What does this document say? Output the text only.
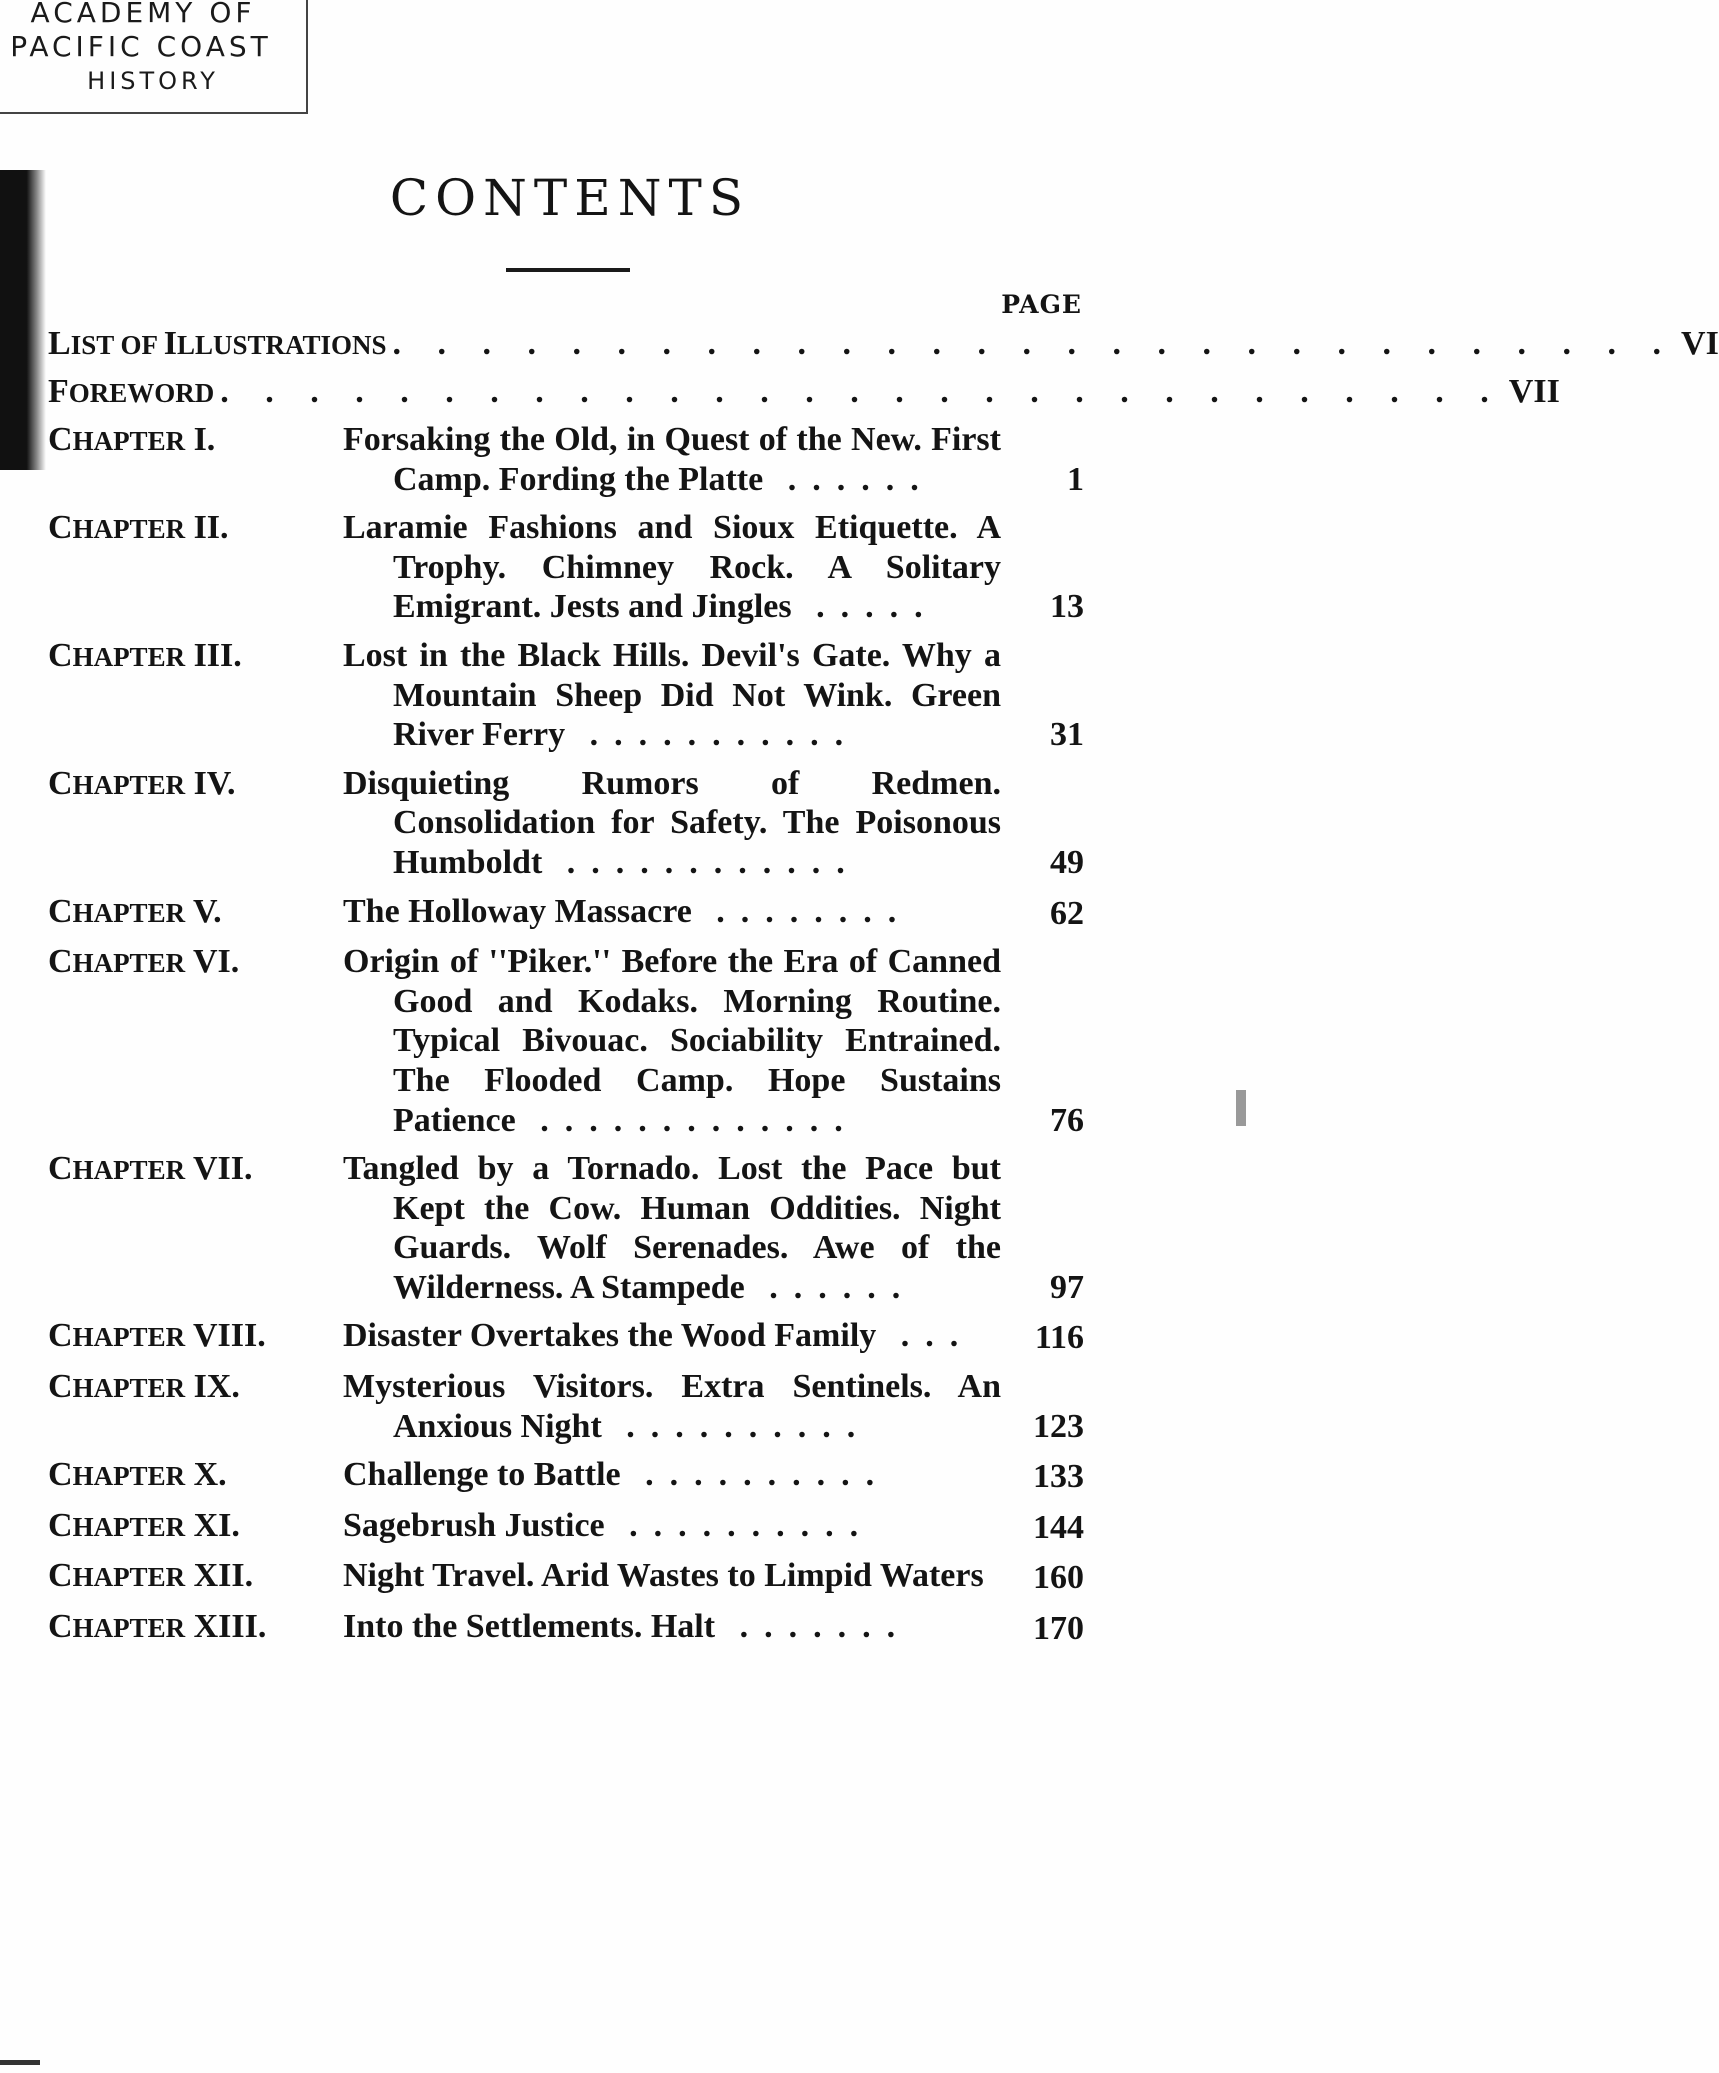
ACADEMY OF
PACIFIC COAST
HISTORY
CONTENTS
PAGE
LIST OF ILLUSTRATIONS . . . . . . . . . . . . . . . . . . . . . . . . . . . . . VI
FOREWORD . . . . . . . . . . . . . . . . . . . . . . . . . . . . . VII
CHAPTER I.	Forsaking the Old, in Quest of the New. First Camp. Fording the Platte ......	1
CHAPTER II.	Laramie Fashions and Sioux Etiquette. A Trophy. Chimney Rock. A Solitary Emigrant. Jests and Jingles .....	13
CHAPTER III.	Lost in the Black Hills. Devil's Gate. Why a Mountain Sheep Did Not Wink. Green River Ferry ...........	31
CHAPTER IV.	Disquieting Rumors of Redmen. Consolidation for Safety. The Poisonous Humboldt ............	49
CHAPTER V.	The Holloway Massacre ........	62
CHAPTER VI.	Origin of ''Piker.'' Before the Era of Canned Good and Kodaks. Morning Routine. Typical Bivouac. Sociability Entrained. The Flooded Camp. Hope Sustains Patience .............	76
CHAPTER VII.	Tangled by a Tornado. Lost the Pace but Kept the Cow. Human Oddities. Night Guards. Wolf Serenades. Awe of the Wilderness. A Stampede ......	97
CHAPTER VIII.	Disaster Overtakes the Wood Family ...	116
CHAPTER IX.	Mysterious Visitors. Extra Sentinels. An Anxious Night ..........	123
CHAPTER X.	Challenge to Battle ..........	133
CHAPTER XI.	Sagebrush Justice ..........	144
CHAPTER XII.	Night Travel. Arid Wastes to Limpid Waters	160
CHAPTER XIII.	Into the Settlements. Halt .......	170
